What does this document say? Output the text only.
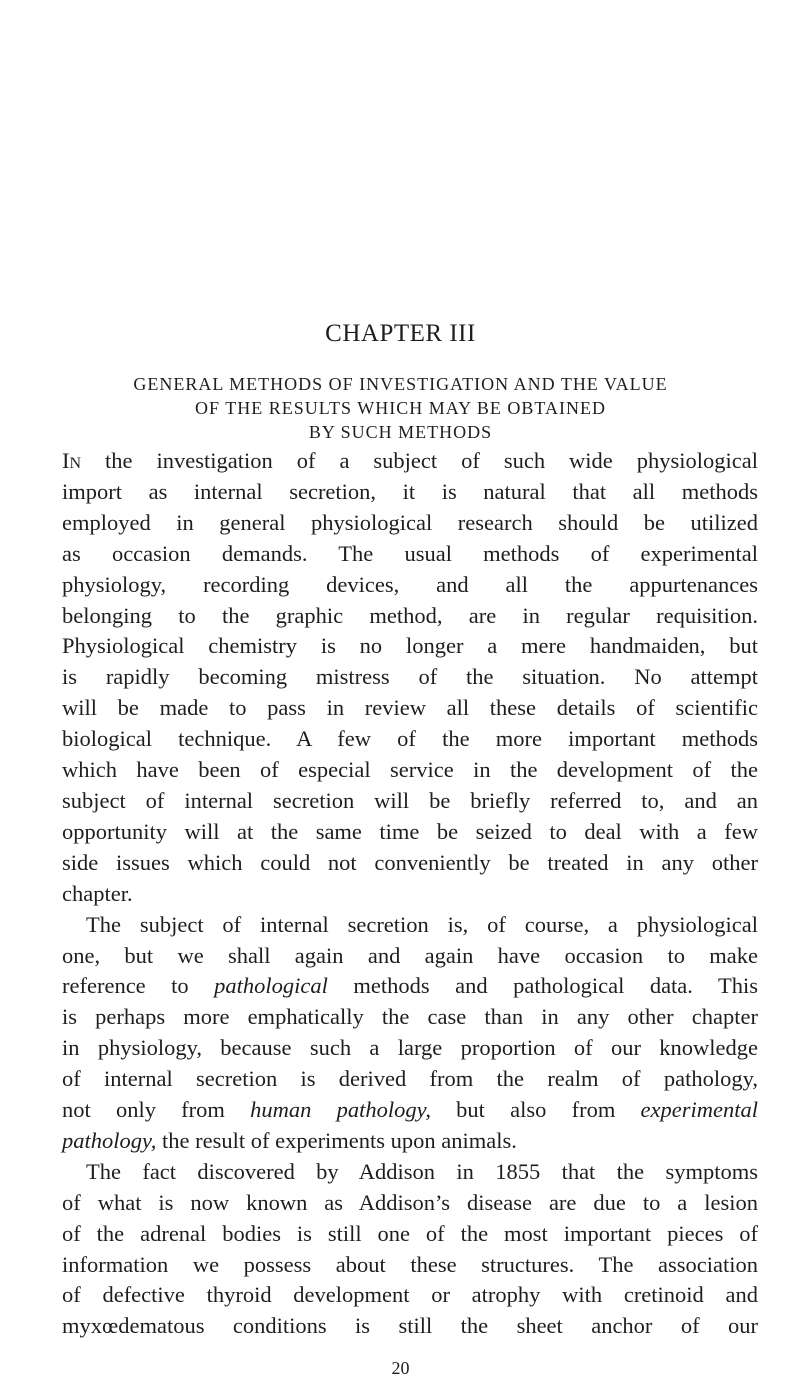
CHAPTER III
GENERAL METHODS OF INVESTIGATION AND THE VALUE
OF THE RESULTS WHICH MAY BE OBTAINED
BY SUCH METHODS
In the investigation of a subject of such wide physiological
import as internal secretion, it is natural that all methods
employed in general physiological research should be utilized
as occasion demands. The usual methods of experimental
physiology, recording devices, and all the appurtenances
belonging to the graphic method, are in regular requisition.
Physiological chemistry is no longer a mere handmaiden, but
is rapidly becoming mistress of the situation. No attempt
will be made to pass in review all these details of scientific
biological technique. A few of the more important methods
which have been of especial service in the development of the
subject of internal secretion will be briefly referred to, and an
opportunity will at the same time be seized to deal with a few
side issues which could not conveniently be treated in any other
chapter.
The subject of internal secretion is, of course, a physiological
one, but we shall again and again have occasion to make
reference to pathological methods and pathological data. This
is perhaps more emphatically the case than in any other chapter
in physiology, because such a large proportion of our knowledge
of internal secretion is derived from the realm of pathology,
not only from human pathology, but also from experimental
pathology, the result of experiments upon animals.
The fact discovered by Addison in 1855 that the symptoms
of what is now known as Addison’s disease are due to a lesion
of the adrenal bodies is still one of the most important pieces of
information we possess about these structures. The association
of defective thyroid development or atrophy with cretinoid and
myxœdematous conditions is still the sheet anchor of our
20
